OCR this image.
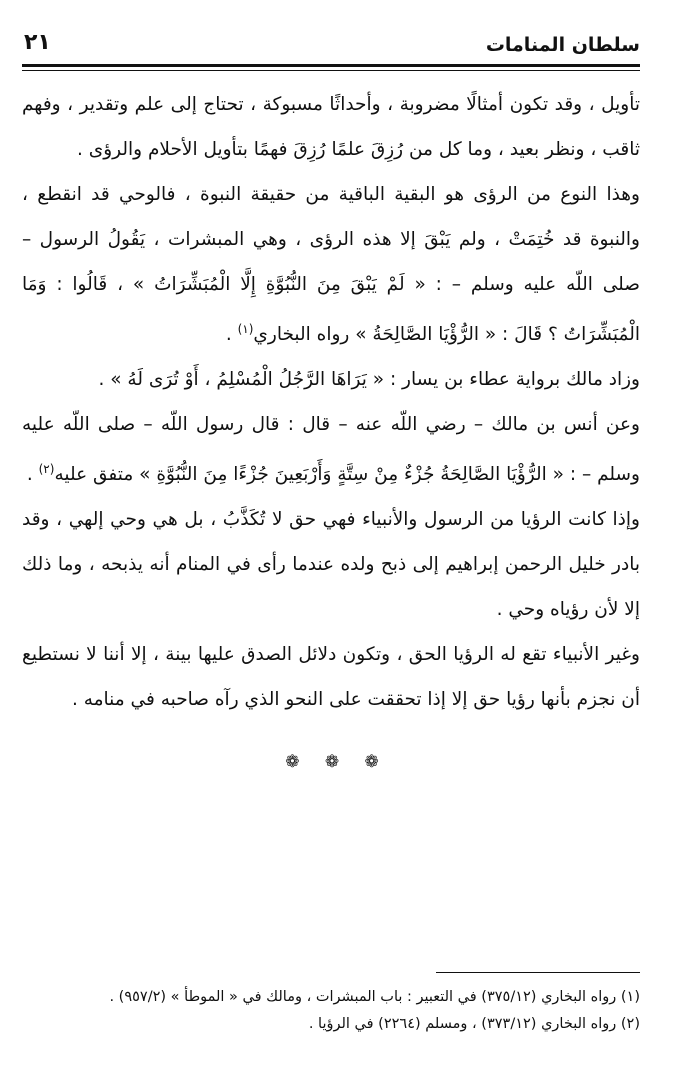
سلطان المنامات
٢١

تأويل ، وقد تكون أمثالًا مضروبة ، وأحداثًا مسبوكة ، تحتاج إلى علم وتقدير ، وفهم ثاقب ، ونظر بعيد ، وما كل من رُزِقَ علمًا رُزِقَ فهمًا بتأويل الأحلام والرؤى .

وهذا النوع من الرؤى هو البقية الباقية من حقيقة النبوة ، فالوحي قد انقطع ، والنبوة قد خُتِمَتْ ، ولم يَبْقَ إلا هذه الرؤى ، وهي المبشرات ، يَقُولُ الرسول – صلى اللّه عليه وسلم – : « لَمْ يَبْقَ مِنَ النُّبُوَّةِ إِلَّا الْمُبَشِّرَاتُ » ، قَالُوا : وَمَا الْمُبَشِّرَاتُ ؟ قَالَ : « الرُّؤْيَا الصَّالِحَةُ » رواه البخاري$^{(١)}$ .

وزاد مالك برواية عطاء بن يسار : « يَرَاهَا الرَّجُلُ الْمُسْلِمُ ، أَوْ تُرَى لَهُ » .

وعن أنس بن مالك – رضي اللّه عنه – قال : قال رسول اللّه – صلى اللّه عليه وسلم – : « الرُّؤْيَا الصَّالِحَةُ جُزْءٌ مِنْ سِتَّةٍ وَأَرْبَعِينَ جُزْءًا مِنَ النُّبُوَّةِ » متفق عليه$^{(٢)}$ .

وإذا كانت الرؤيا من الرسول والأنبياء فهي حق لا تُكَذَّبُ ، بل هي وحي إلهي ، وقد بادر خليل الرحمن إبراهيم إلى ذبح ولده عندما رأى في المنام أنه يذبحه ، وما ذلك إلا لأن رؤياه وحي .

وغير الأنبياء تقع له الرؤيا الحق ، وتكون دلائل الصدق عليها بينة ، إلا أننا لا نستطيع أن نجزم بأنها رؤيا حق إلا إذا تحققت على النحو الذي رآه صاحبه في منامه .

❁ ❁ ❁

(١) رواه البخاري (٣٧٥/١٢) في التعبير : باب المبشرات ، ومالك في « الموطأ » (٩٥٧/٢) .

(٢) رواه البخاري (٣٧٣/١٢) ، ومسلم (٢٢٦٤) في الرؤيا .
